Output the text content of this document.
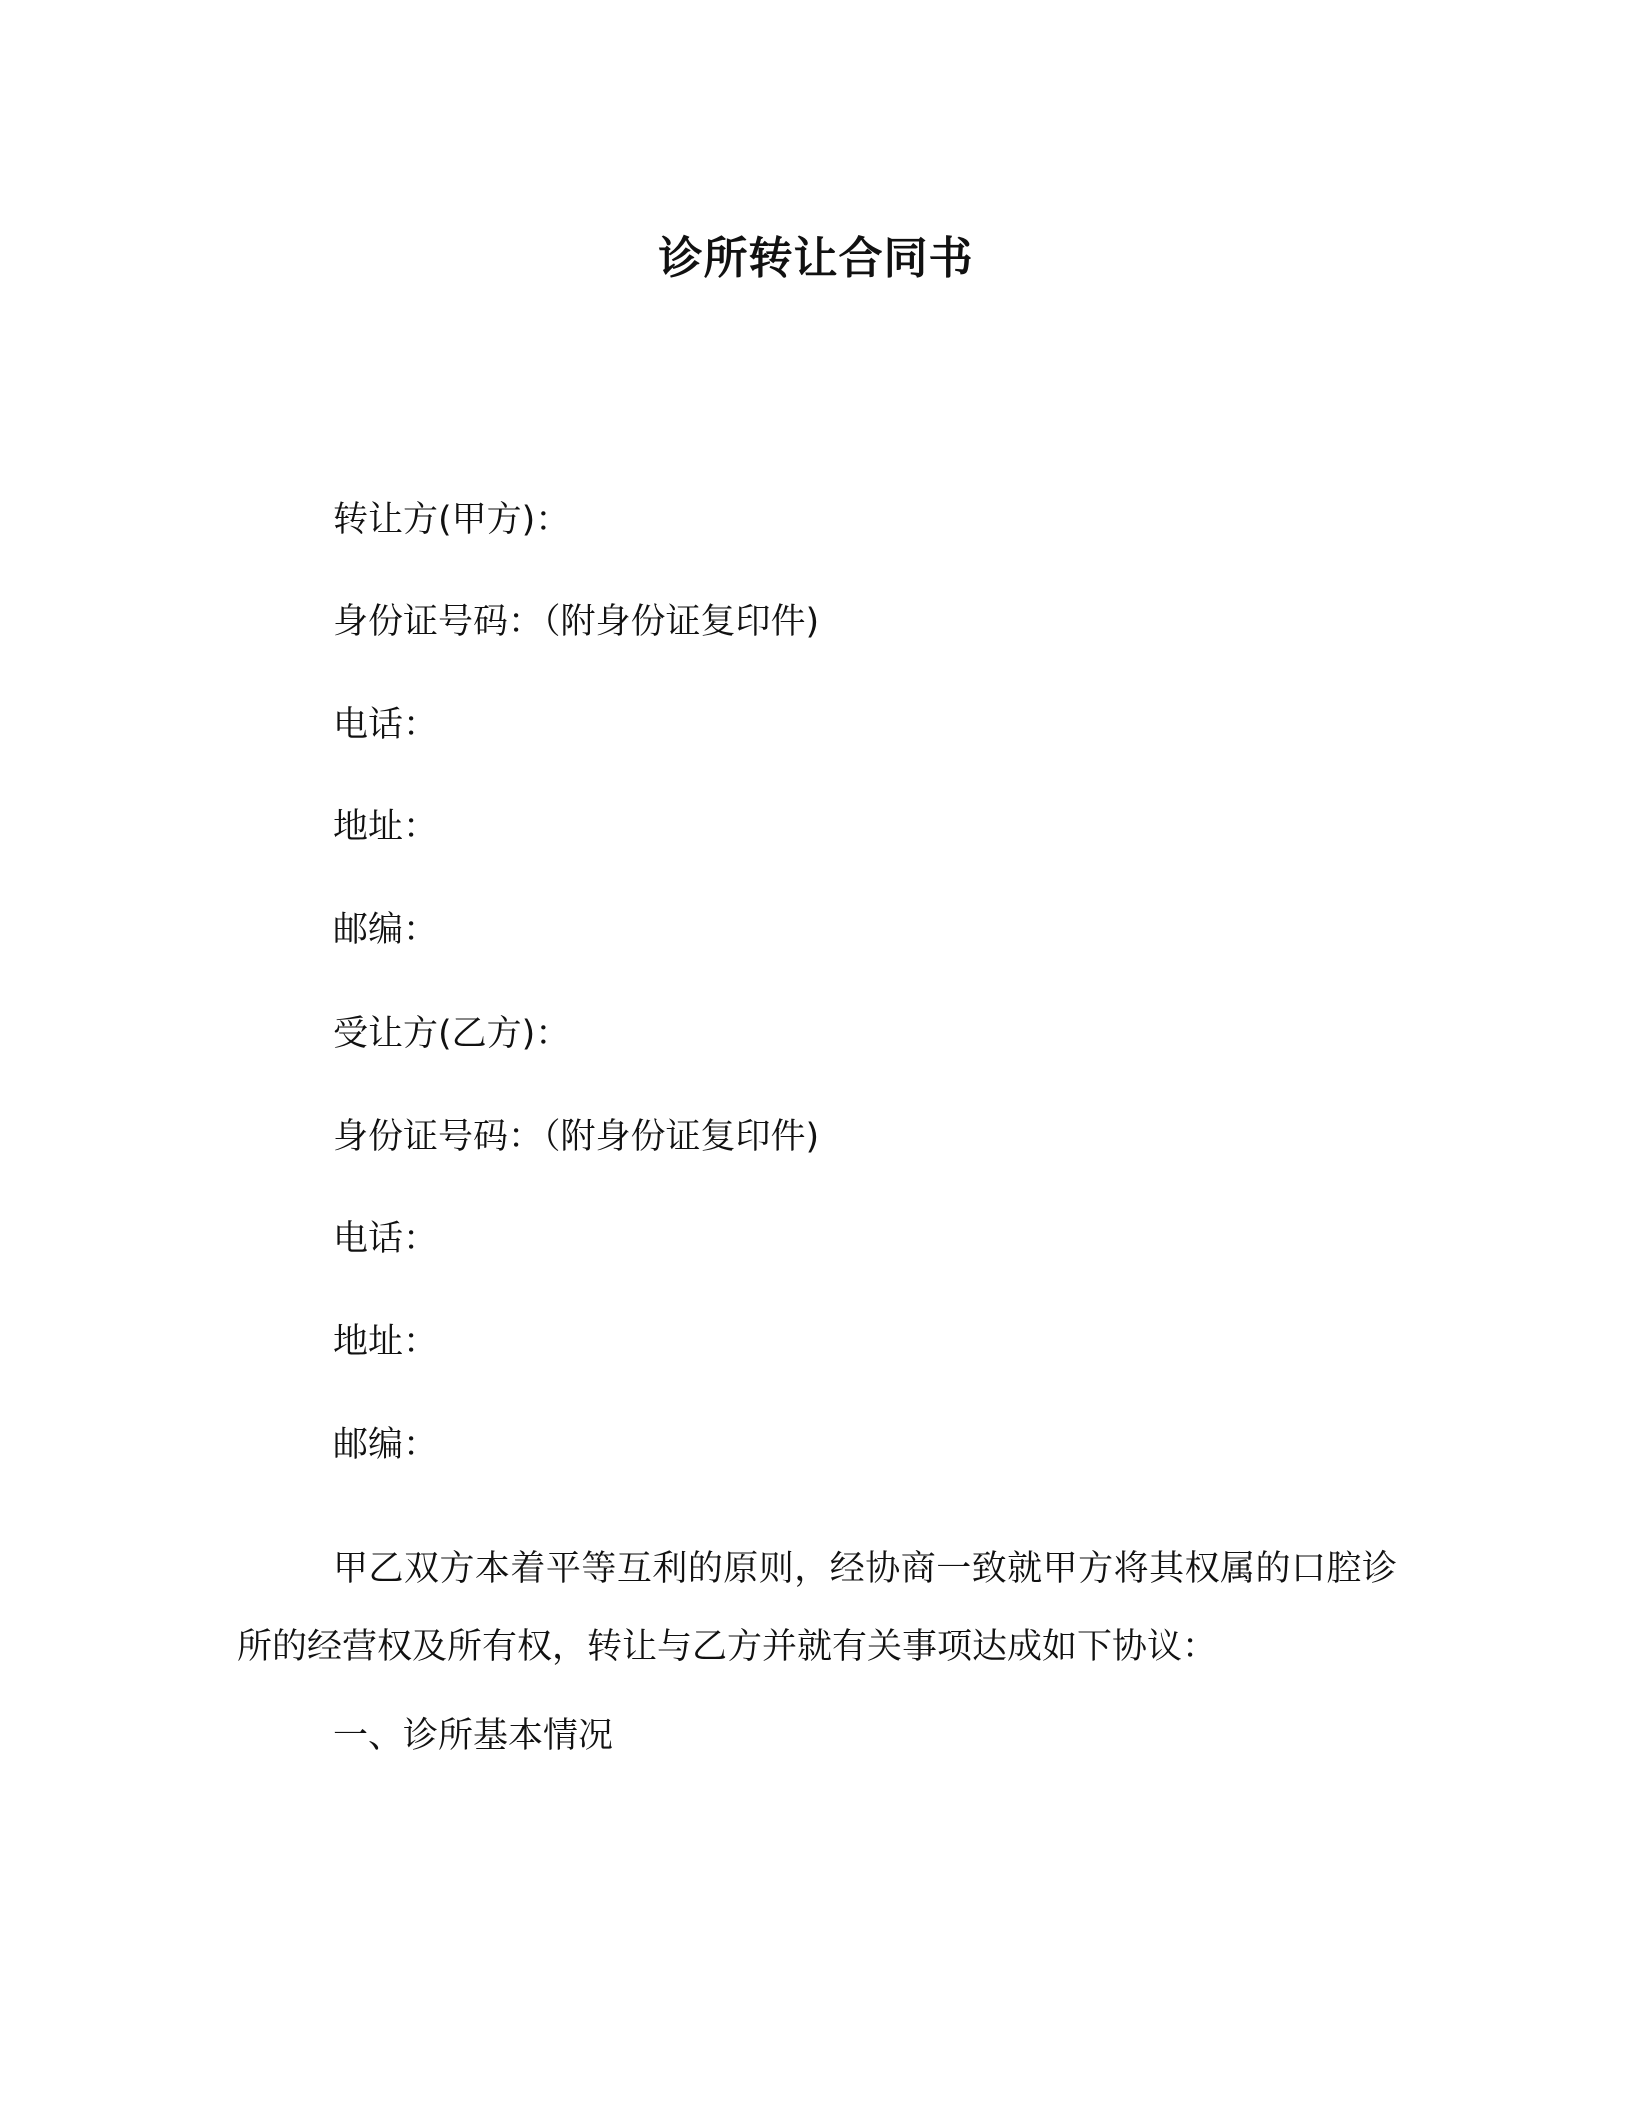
诊所转让合同书

转让方(甲方)：

身份证号码：（附身份证复印件)

电话：

地址：

邮编：

受让方(乙方)：

身份证号码：（附身份证复印件)

电话：

地址：

邮编：

甲乙双方本着平等互利的原则，经协商一致就甲方将其权属的口腔诊所的经营权及所有权，转让与乙方并就有关事项达成如下协议：

一、诊所基本情况
